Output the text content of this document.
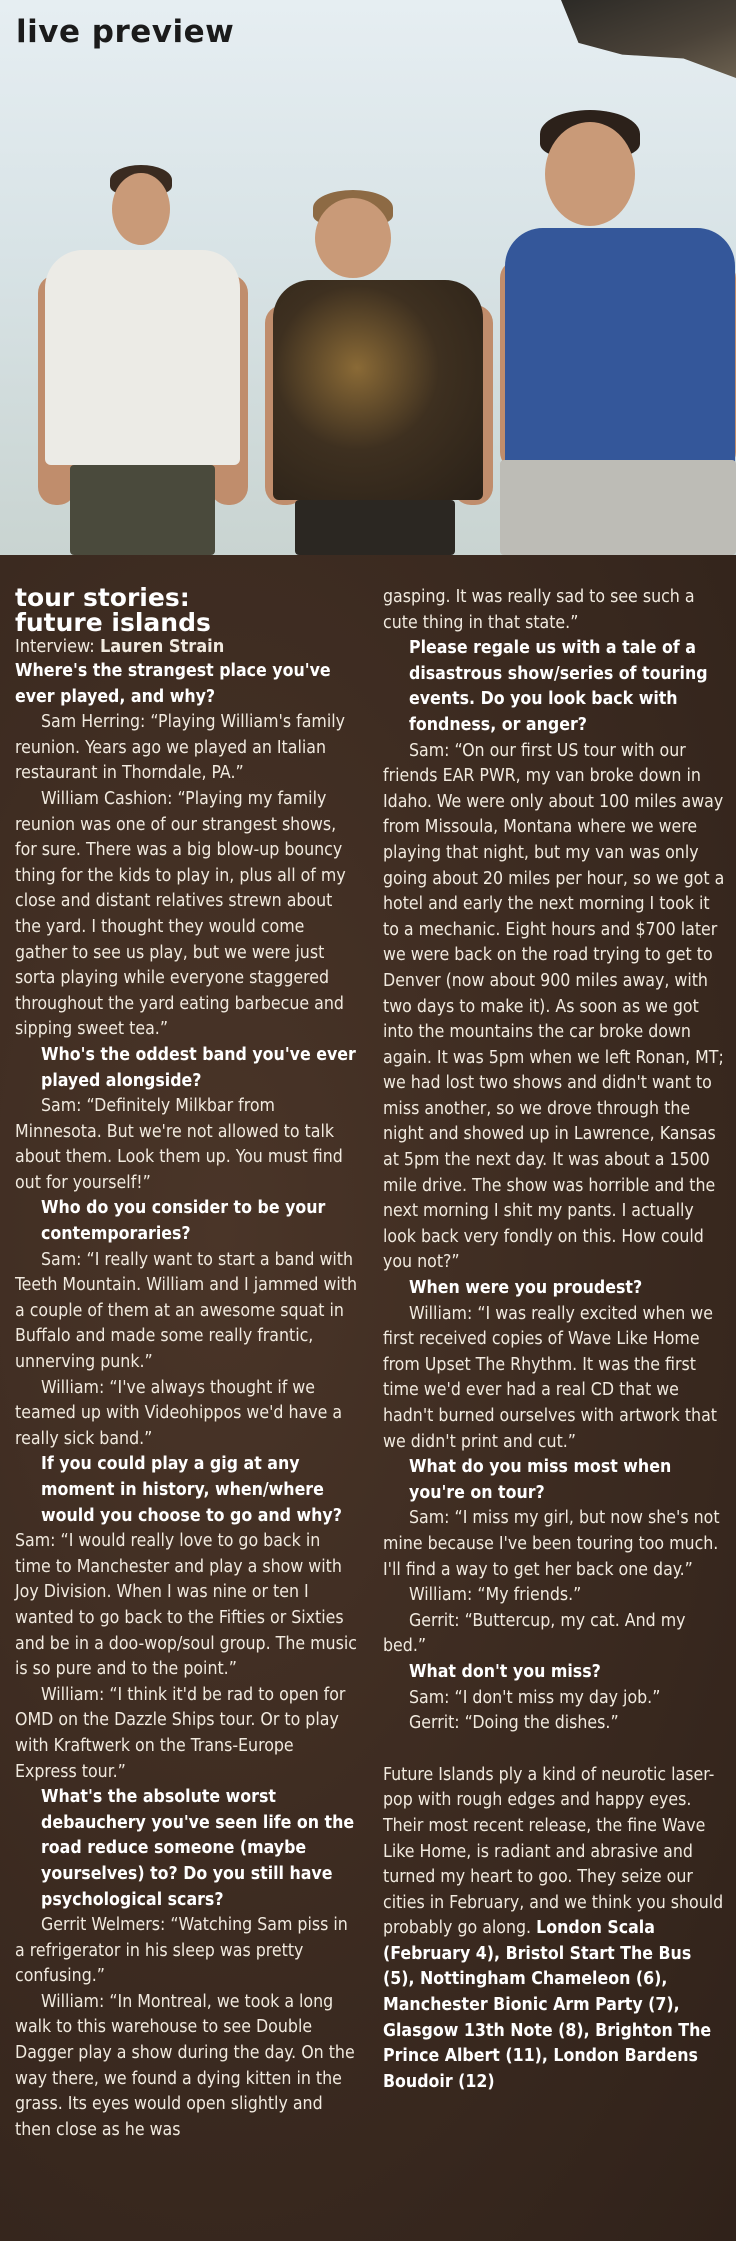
live preview
tour stories:
future islands

Interview: Lauren Strain

Where's the strangest place you've ever played, and why?

Sam Herring: “Playing William's family reunion. Years ago we played an Italian restaurant in Thorndale, PA.”

William Cashion: “Playing my family reunion was one of our strangest shows, for sure. There was a big blow-up bouncy thing for the kids to play in, plus all of my close and distant relatives strewn about the yard. I thought they would come gather to see us play, but we were just sorta playing while everyone staggered throughout the yard eating barbecue and sipping sweet tea.”

Who's the oddest band you've ever played alongside?

Sam: “Definitely Milkbar from Minnesota. But we're not allowed to talk about them. Look them up. You must find out for yourself!”

Who do you consider to be your contemporaries?

Sam: “I really want to start a band with Teeth Mountain. William and I jammed with a couple of them at an awesome squat in Buffalo and made some really frantic, unnerving punk.”

William: “I've always thought if we teamed up with Videohippos we'd have a really sick band.”

If you could play a gig at any moment in history, when/where would you choose to go and why?

Sam: “I would really love to go back in time to Manchester and play a show with Joy Division. When I was nine or ten I wanted to go back to the Fifties or Sixties and be in a doo-wop/soul group. The music is so pure and to the point.”

William: “I think it'd be rad to open for OMD on the Dazzle Ships tour. Or to play with Kraftwerk on the Trans-Europe Express tour.”

What's the absolute worst debauchery you've seen life on the road reduce someone (maybe yourselves) to? Do you still have psychological scars?

Gerrit Welmers: “Watching Sam piss in a refrigerator in his sleep was pretty confusing.”

William: “In Montreal, we took a long walk to this warehouse to see Double Dagger play a show during the day. On the way there, we found a dying kitten in the grass. Its eyes would open slightly and then close as he was

gasping. It was really sad to see such a cute thing in that state.”

Please regale us with a tale of a disastrous show/series of touring events. Do you look back with fondness, or anger?

Sam: “On our first US tour with our friends EAR PWR, my van broke down in Idaho. We were only about 100 miles away from Missoula, Montana where we were playing that night, but my van was only going about 20 miles per hour, so we got a hotel and early the next morning I took it to a mechanic. Eight hours and $700 later we were back on the road trying to get to Denver (now about 900 miles away, with two days to make it). As soon as we got into the mountains the car broke down again. It was 5pm when we left Ronan, MT; we had lost two shows and didn't want to miss another, so we drove through the night and showed up in Lawrence, Kansas at 5pm the next day. It was about a 1500 mile drive. The show was horrible and the next morning I shit my pants. I actually look back very fondly on this. How could you not?”

When were you proudest?

William: “I was really excited when we first received copies of Wave Like Home from Upset The Rhythm. It was the first time we'd ever had a real CD that we hadn't burned ourselves with artwork that we didn't print and cut.”

What do you miss most when you're on tour?

Sam: “I miss my girl, but now she's not mine because I've been touring too much. I'll find a way to get her back one day.”

William: “My friends.”

Gerrit: “Buttercup, my cat. And my bed.”

What don't you miss?

Sam: “I don't miss my day job.”

Gerrit: “Doing the dishes.”

Future Islands ply a kind of neurotic laser-pop with rough edges and happy eyes. Their most recent release, the fine Wave Like Home, is radiant and abrasive and turned my heart to goo. They seize our cities in February, and we think you should probably go along. London Scala (February 4), Bristol Start The Bus (5), Nottingham Chameleon (6), Manchester Bionic Arm Party (7), Glasgow 13th Note (8), Brighton The Prince Albert (11), London Bardens Boudoir (12)
